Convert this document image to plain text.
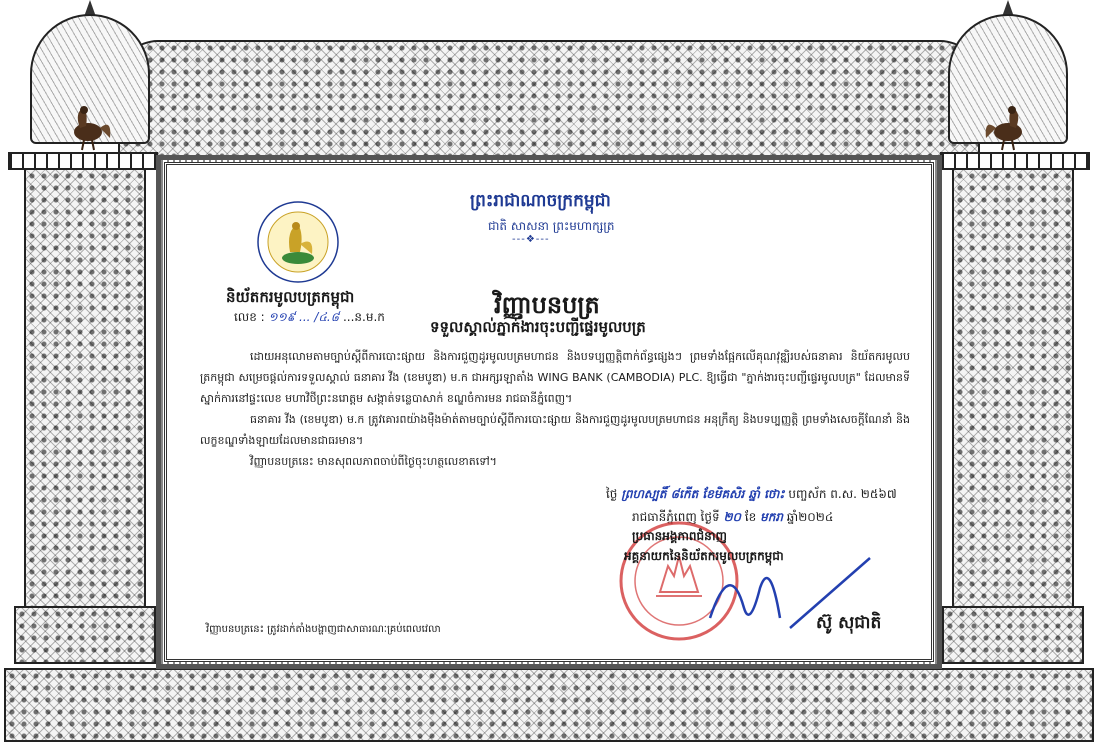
ព្រះរាជាណាចក្រកម្ពុជា
ជាតិ សាសនា ព្រះមហាក្សត្រ
---❖---
និយ័តករមូលបត្រកម្ពុជា
លេខ : ១១៩ ... /៤.៨ ...ន.ម.ក	វិញ្ញាបនបត្រ
ទទួលស្គាល់ភ្នាក់ងារចុះបញ្ជីផ្ទេរមូលបត្រ

ដោយអនុលោមតាមច្បាប់ស្តីពីការបោះផ្សាយ និងការជួញដូរមូលបត្រមហាជន និងបទប្បញ្ញត្តិពាក់ព័ន្ធផ្សេងៗ ព្រមទាំងផ្អែកលើគុណវុឌ្ឍិរបស់ធនាគារ និយ័តករមូលបត្រកម្ពុជា សម្រេចផ្តល់ការទទួលស្គាល់ ធនាគារ វីង (ខេមបូឌា) ម.ក ជាអក្សរឡាតាំង WING BANK (CAMBODIA) PLC. ឱ្យធ្វើជា "ភ្នាក់ងារចុះបញ្ជីផ្ទេរមូលបត្រ" ដែលមានទីស្នាក់ការនៅផ្ទះលេខ មហាវិថីព្រះនរោត្តម សង្កាត់ទន្លេបាសាក់ ខណ្ឌចំការមន រាជធានីភ្នំពេញ។

ធនាគារ វីង (ខេមបូឌា) ម.ក ត្រូវគោរពយ៉ាងម៉ឺងម៉ាត់តាមច្បាប់ស្តីពីការបោះផ្សាយ និងការជួញដូរមូលបត្រមហាជន អនុក្រឹត្យ និងបទប្បញ្ញត្តិ ព្រមទាំងសេចក្តីណែនាំ និងលក្ខខណ្ឌទាំងឡាយដែលមានជាធរមាន។

វិញ្ញាបនបត្រនេះ មានសុពលភាពចាប់ពីថ្ងៃចុះហត្ថលេខាតទៅ។

ថ្ងៃ ព្រហស្បតិ៍ ៨កើត ខែមិគសិរ ឆ្នាំ ថោះ បញ្ចស័ក ព.ស. ២៥៦៧
រាជធានីភ្នំពេញ ថ្ងៃទី ២០ ខែ មករា ឆ្នាំ២០២៤
ប្រធានអង្គភាពជំនាញ
អគ្គនាយកនៃនិយ័តករមូលបត្រកម្ពុជា
ស៊ូ សុជាតិ
វិញ្ញាបនបត្រនេះ ត្រូវដាក់តាំងបង្ហាញជាសាធារណៈគ្រប់ពេលវេលា
